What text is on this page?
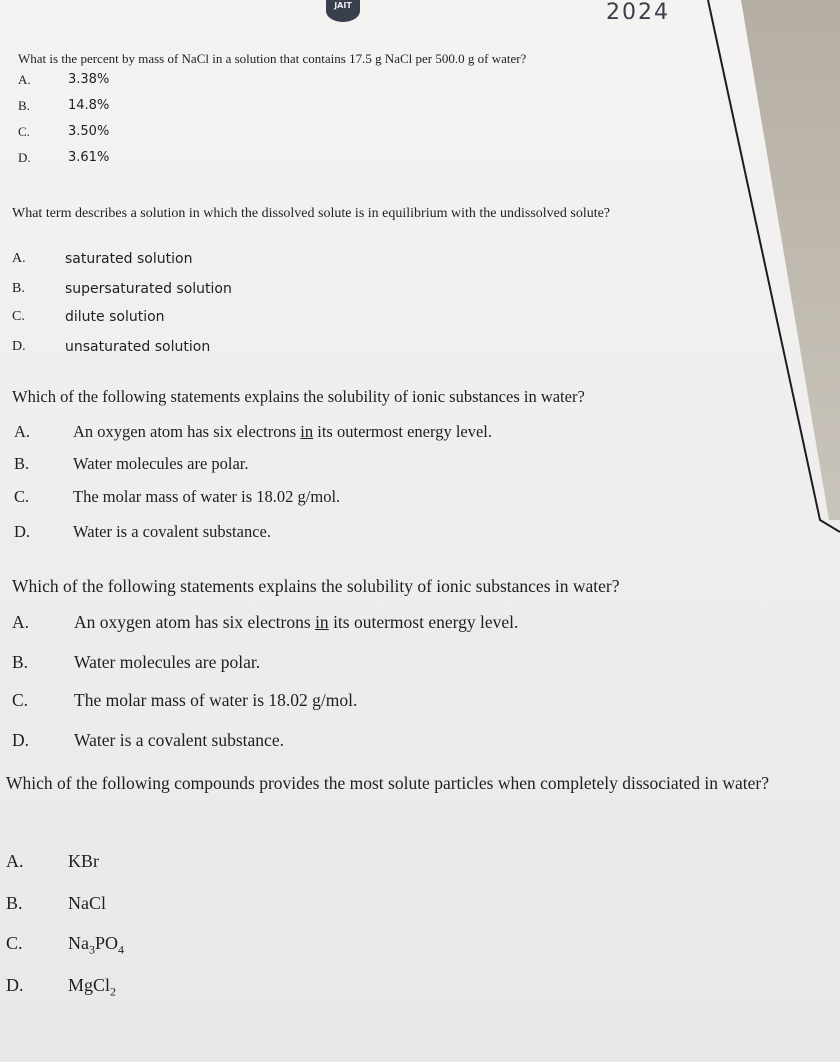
JAIT	2024

What is the percent by mass of NaCl in a solution that contains 17.5 g NaCl per 500.0 g of water?

A.	3.38%
B.	14.8%
C.	3.50%
D.	3.61%

What term describes a solution in which the dissolved solute is in equilibrium with the undissolved solute?

A.	saturated solution
B.	supersaturated solution
C.	dilute solution
D.	unsaturated solution

Which of the following statements explains the solubility of ionic substances in water?

A.	An oxygen atom has six electrons in its outermost energy level.
B.	Water molecules are polar.
C.	The molar mass of water is 18.02 g/mol.
D.	Water is a covalent substance.

Which of the following statements explains the solubility of ionic substances in water?

A.	An oxygen atom has six electrons in its outermost energy level.
B.	Water molecules are polar.
C.	The molar mass of water is 18.02 g/mol.
D.	Water is a covalent substance.

Which of the following compounds provides the most solute particles when completely dissociated in water?

A. KBr
B.	NaCl
C.	$Na_3PO_4$
D. MgCl$_2$
